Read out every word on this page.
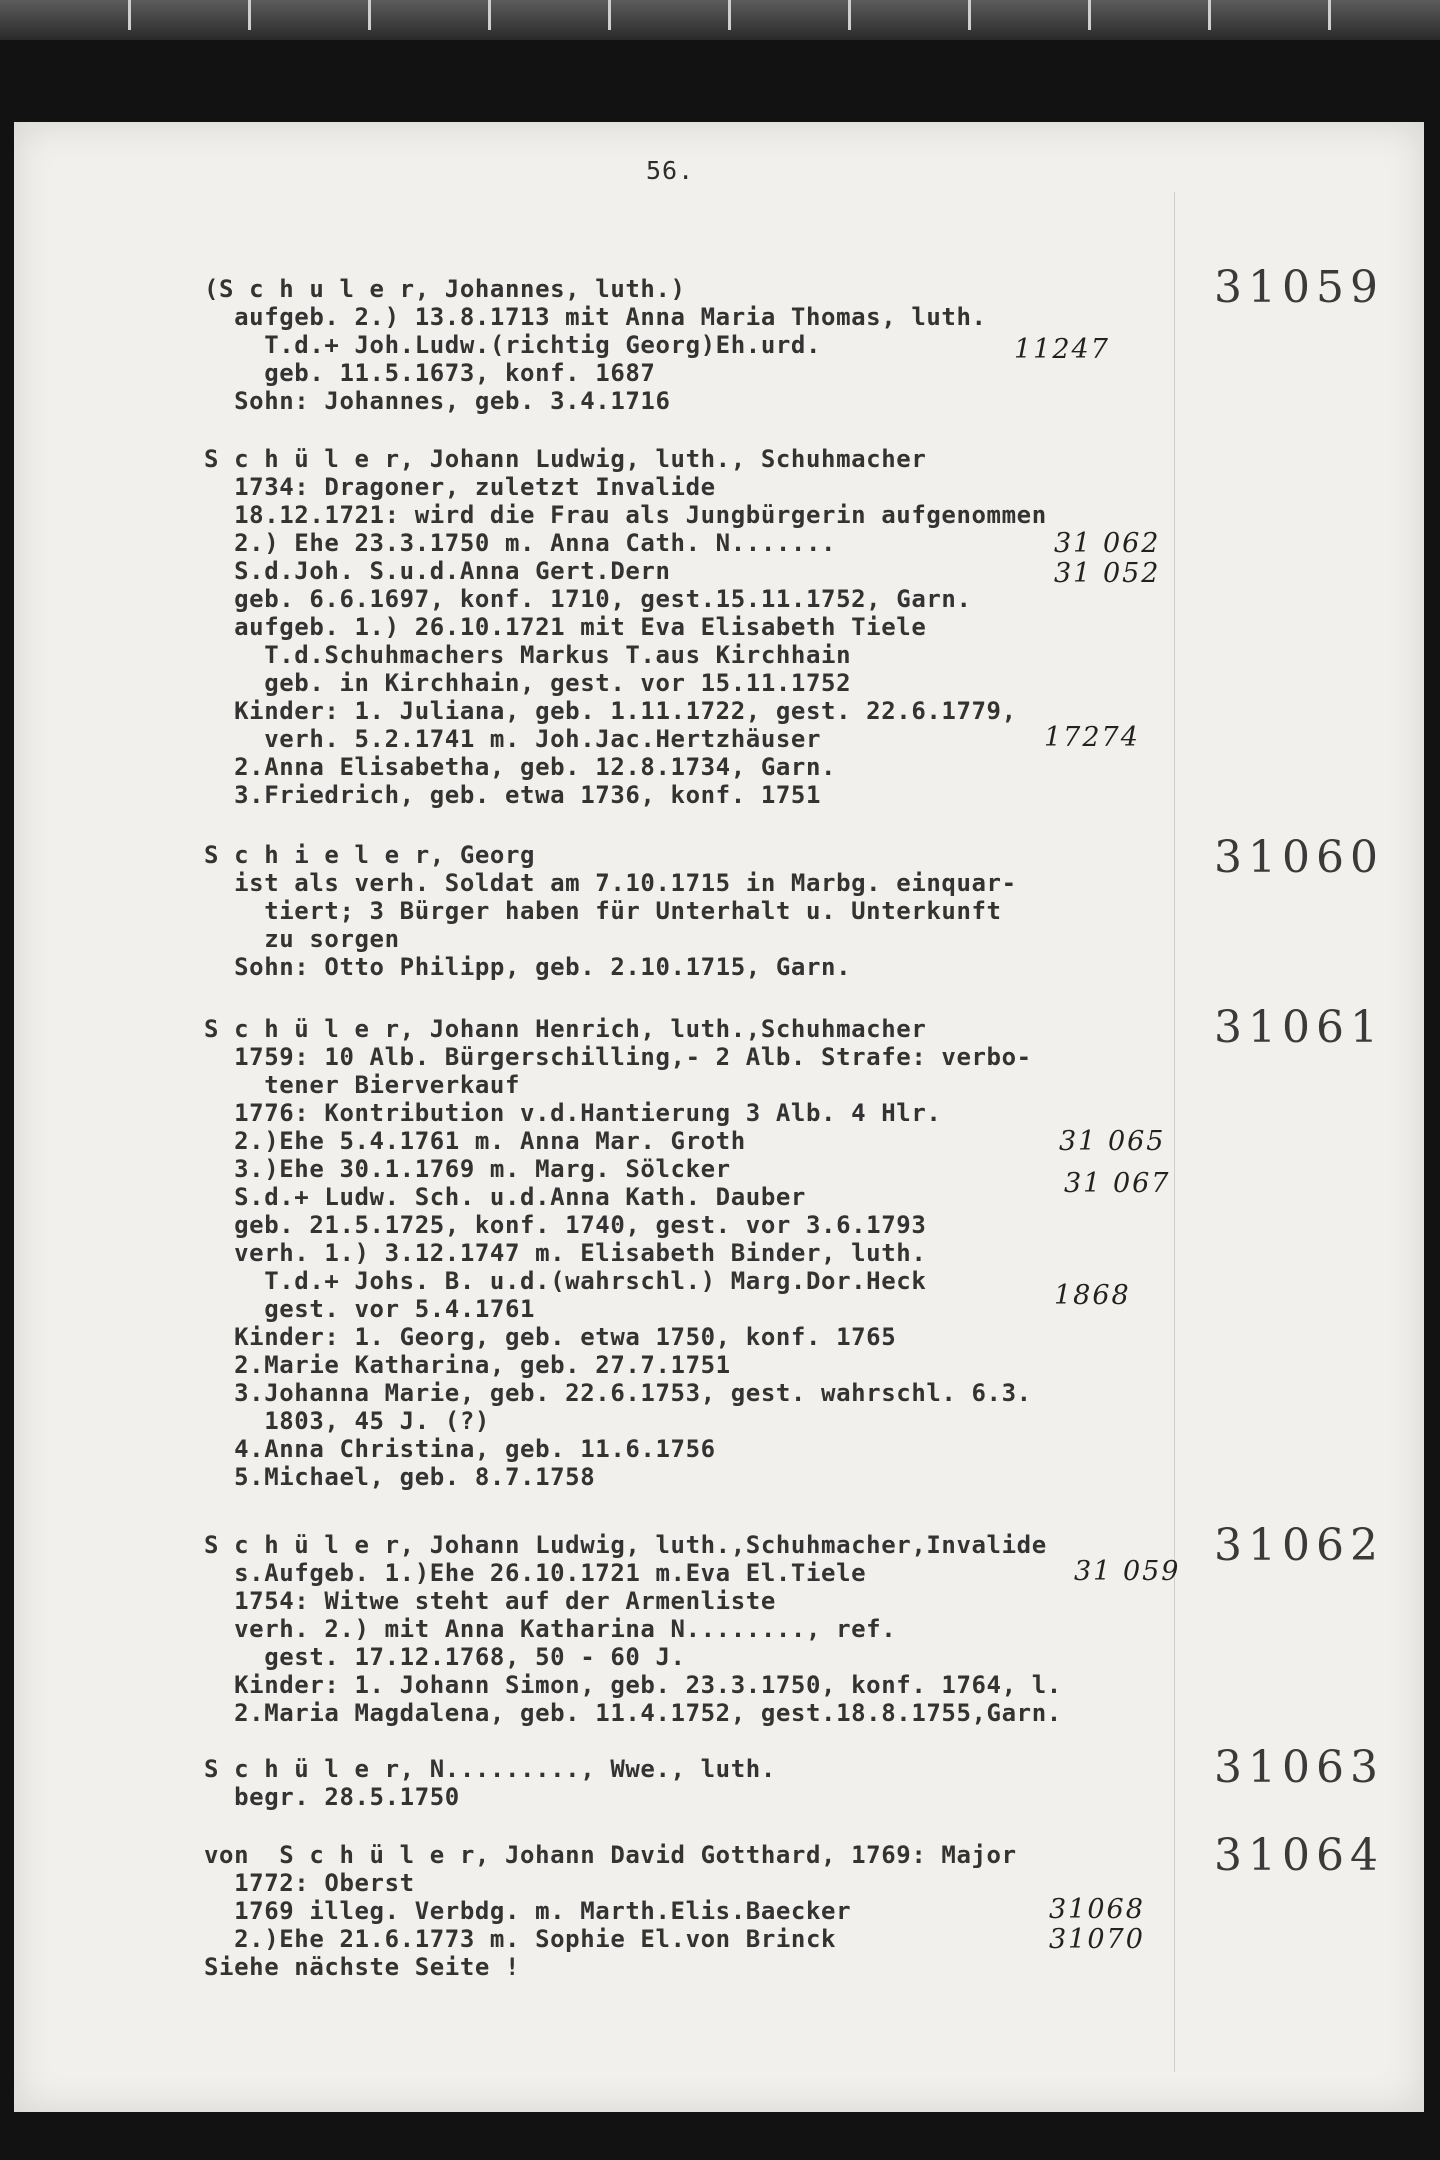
56.
31059
(S c h u l e r, Johannes, luth.)
aufgeb. 2.) 13.8.1713 mit Anna Maria Thomas, luth.
T.d.+ Joh.Ludw.(richtig Georg)Eh.urd.
geb. 11.5.1673, konf. 1687
Sohn: Johannes, geb. 3.4.1716
11247
S c h ü l e r, Johann Ludwig, luth., Schuhmacher
1734: Dragoner, zuletzt Invalide
18.12.1721: wird die Frau als Jungbürgerin aufgenommen
2.) Ehe 23.3.1750 m. Anna Cath. N.......
S.d.Joh. S.u.d.Anna Gert.Dern
geb. 6.6.1697, konf. 1710, gest.15.11.1752, Garn.
aufgeb. 1.) 26.10.1721 mit Eva Elisabeth Tiele
T.d.Schuhmachers Markus T.aus Kirchhain
geb. in Kirchhain, gest. vor 15.11.1752
Kinder: 1. Juliana, geb. 1.11.1722, gest. 22.6.1779,
verh. 5.2.1741 m. Joh.Jac.Hertzhäuser
2.Anna Elisabetha, geb. 12.8.1734, Garn.
3.Friedrich, geb. etwa 1736, konf. 1751
31 062
31 052
17274
31060
S c h i e l e r, Georg
ist als verh. Soldat am 7.10.1715 in Marbg. einquar-
tiert; 3 Bürger haben für Unterhalt u. Unterkunft
zu sorgen
Sohn: Otto Philipp, geb. 2.10.1715, Garn.
31061
S c h ü l e r, Johann Henrich, luth.,Schuhmacher
1759: 10 Alb. Bürgerschilling,- 2 Alb. Strafe: verbo-
tener Bierverkauf
1776: Kontribution v.d.Hantierung 3 Alb. 4 Hlr.
2.)Ehe 5.4.1761 m. Anna Mar. Groth
3.)Ehe 30.1.1769 m. Marg. Sölcker
S.d.+ Ludw. Sch. u.d.Anna Kath. Dauber
geb. 21.5.1725, konf. 1740, gest. vor 3.6.1793
verh. 1.) 3.12.1747 m. Elisabeth Binder, luth.
T.d.+ Johs. B. u.d.(wahrschl.) Marg.Dor.Heck
gest. vor 5.4.1761
Kinder: 1. Georg, geb. etwa 1750, konf. 1765
2.Marie Katharina, geb. 27.7.1751
3.Johanna Marie, geb. 22.6.1753, gest. wahrschl. 6.3.
1803, 45 J. (?)
4.Anna Christina, geb. 11.6.1756
5.Michael, geb. 8.7.1758
31 065
31 067
1868
31062
S c h ü l e r, Johann Ludwig, luth.,Schuhmacher,Invalide
s.Aufgeb. 1.)Ehe 26.10.1721 m.Eva El.Tiele
1754: Witwe steht auf der Armenliste
verh. 2.) mit Anna Katharina N........, ref.
gest. 17.12.1768, 50 - 60 J.
Kinder: 1. Johann Simon, geb. 23.3.1750, konf. 1764, l.
2.Maria Magdalena, geb. 11.4.1752, gest.18.8.1755,Garn.
31 059
31063
S c h ü l e r, N........., Wwe., luth.
begr. 28.5.1750
31064
von  S c h ü l e r, Johann David Gotthard, 1769: Major
1772: Oberst
1769 illeg. Verbdg. m. Marth.Elis.Baecker
2.)Ehe 21.6.1773 m. Sophie El.von Brinck
Siehe nächste Seite !
31068
31070
